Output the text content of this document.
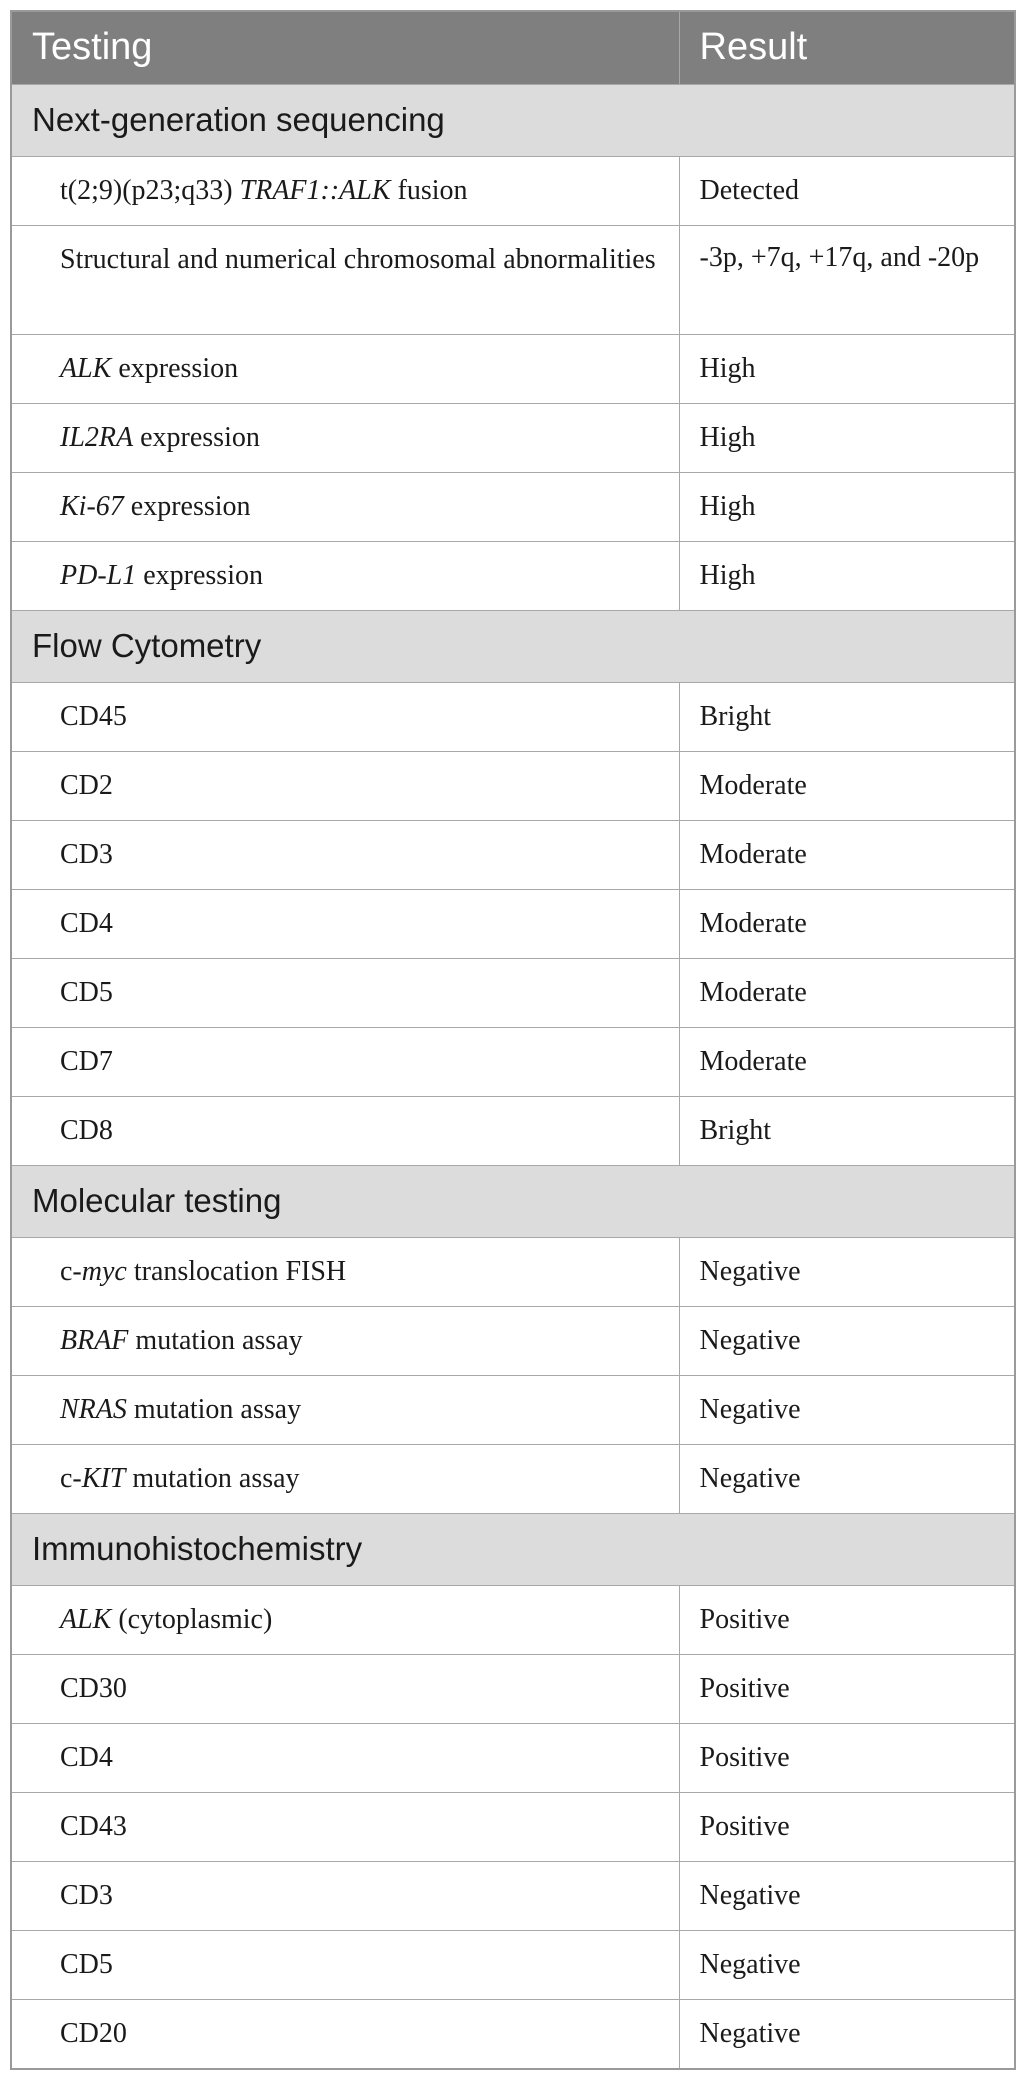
Testing	Result
Next-generation sequencing	
t(2;9)(p23;q33) TRAF1::ALK fusion	Detected
Structural and numerical chromosomal abnormalities	-3p, +7q, +17q, and -20p
ALK expression	High
IL2RA expression	High
Ki-67 expression	High
PD-L1 expression	High
Flow Cytometry	
CD45	Bright
CD2	Moderate
CD3	Moderate
CD4	Moderate
CD5	Moderate
CD7	Moderate
CD8	Bright
Molecular testing	
c-myc translocation FISH	Negative
BRAF mutation assay	Negative
NRAS mutation assay	Negative
c-KIT mutation assay	Negative
Immunohistochemistry	
ALK (cytoplasmic)	Positive
CD30	Positive
CD4	Positive
CD43	Positive
CD3	Negative
CD5	Negative
CD20	Negative
